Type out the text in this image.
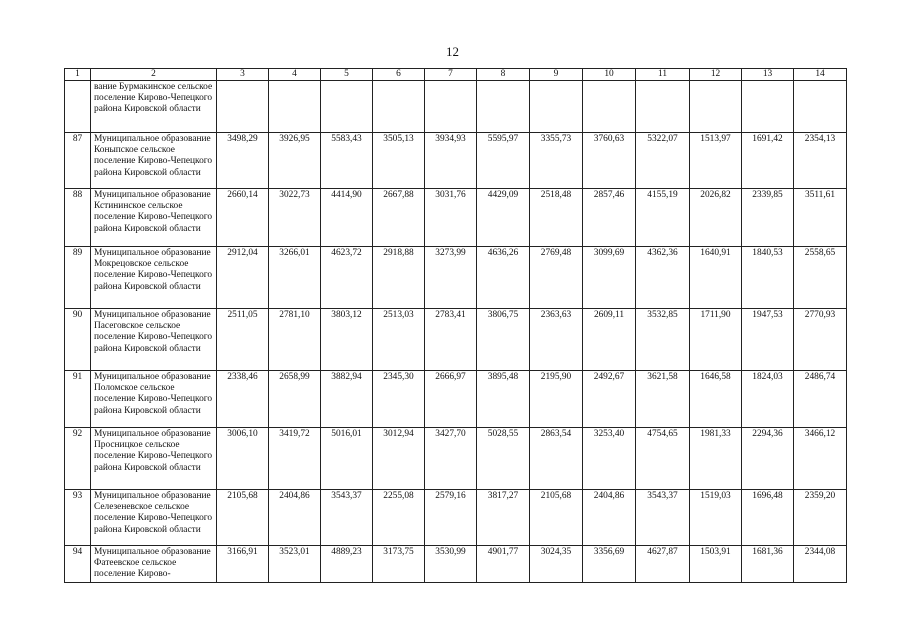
12
1	2	3	4	5	6	7	8	9	10	11	12	13	14
	вание Бурмакинское сельское поселение Кирово-Чепецкого района Кировской области												
87	Муниципальное образование Коныпское сельское поселение Кирово-Чепецкого района Кировской области	3498,29	3926,95	5583,43	3505,13	3934,93	5595,97	3355,73	3760,63	5322,07	1513,97	1691,42	2354,13
88	Муниципальное образование Кстининское сельское поселение Кирово-Чепецкого района Кировской области	2660,14	3022,73	4414,90	2667,88	3031,76	4429,09	2518,48	2857,46	4155,19	2026,82	2339,85	3511,61
89	Муниципальное образование Мокрецовское сельское поселение Кирово-Чепецкого района Кировской области	2912,04	3266,01	4623,72	2918,88	3273,99	4636,26	2769,48	3099,69	4362,36	1640,91	1840,53	2558,65
90	Муниципальное образование Пасеговское сельское поселение Кирово-Чепецкого района Кировской области	2511,05	2781,10	3803,12	2513,03	2783,41	3806,75	2363,63	2609,11	3532,85	1711,90	1947,53	2770,93
91	Муниципальное образование Поломское сельское поселение Кирово-Чепецкого района Кировской области	2338,46	2658,99	3882,94	2345,30	2666,97	3895,48	2195,90	2492,67	3621,58	1646,58	1824,03	2486,74
92	Муниципальное образование Просницкое сельское поселение Кирово-Чепецкого района Кировской области	3006,10	3419,72	5016,01	3012,94	3427,70	5028,55	2863,54	3253,40	4754,65	1981,33	2294,36	3466,12
93	Муниципальное образование Селезеневское сельское поселение Кирово-Чепецкого района Кировской области	2105,68	2404,86	3543,37	2255,08	2579,16	3817,27	2105,68	2404,86	3543,37	1519,03	1696,48	2359,20
94	Муниципальное образование Фатеевское сельское поселение Кирово-	3166,91	3523,01	4889,23	3173,75	3530,99	4901,77	3024,35	3356,69	4627,87	1503,91	1681,36	2344,08
